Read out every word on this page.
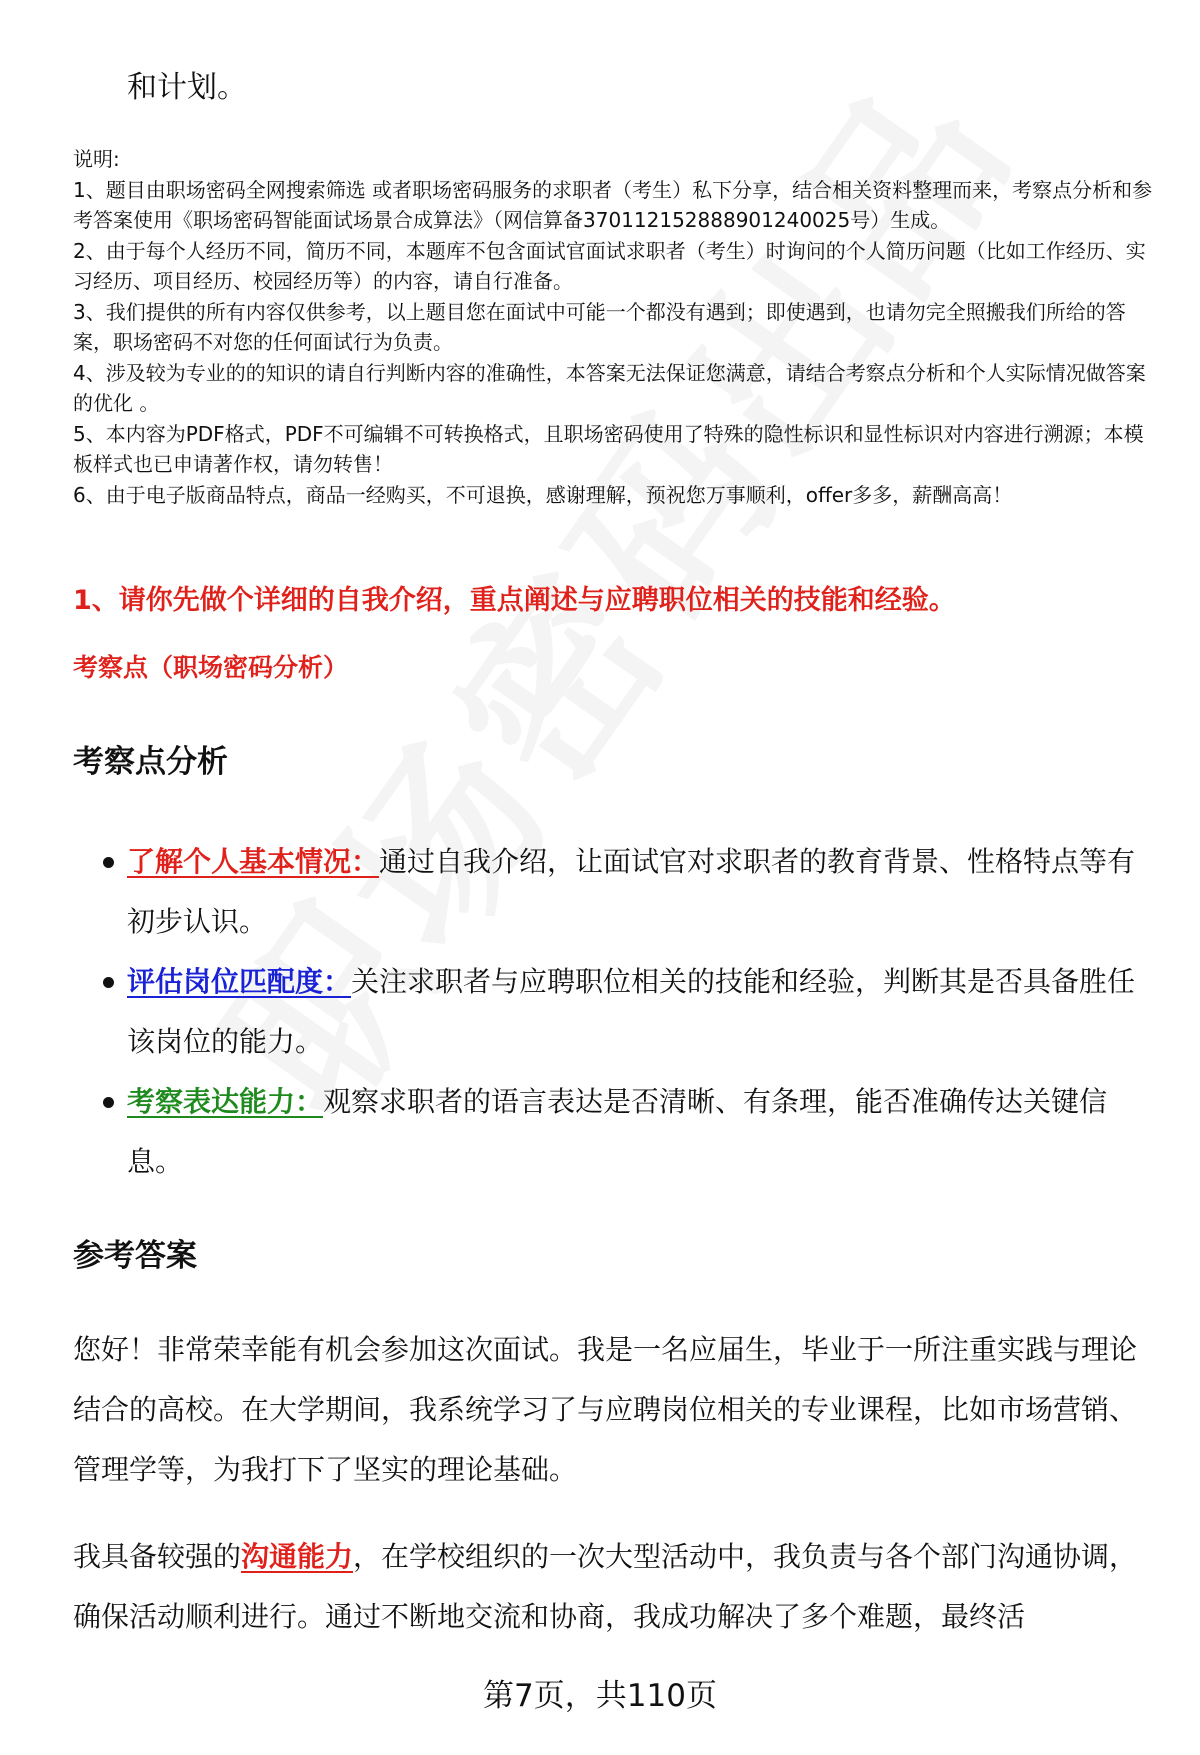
和计划。
说明:
1、题目由职场密码全网搜索筛选 或者职场密码服务的求职者（考生）私下分享，结合相关资料整理而来，考察点分析和参考答案使用《职场密码智能面试场景合成算法》（网信算备370112152888901240025号）生成。
2、由于每个人经历不同，简历不同，本题库不包含面试官面试求职者（考生）时询问的个人简历问题（比如工作经历、实习经历、项目经历、校园经历等）的内容，请自行准备。
3、我们提供的所有内容仅供参考，以上题目您在面试中可能一个都没有遇到；即使遇到，也请勿完全照搬我们所给的答案，职场密码不对您的任何面试行为负责。
4、涉及较为专业的的知识的请自行判断内容的准确性，本答案无法保证您满意，请结合考察点分析和个人实际情况做答案的优化 。
5、本内容为PDF格式，PDF不可编辑不可转换格式，且职场密码使用了特殊的隐性标识和显性标识对内容进行溯源；本模板样式也已申请著作权，请勿转售！
6、由于电子版商品特点，商品一经购买，不可退换，感谢理解，预祝您万事顺利，offer多多，薪酬高高！
1、请你先做个详细的自我介绍，重点阐述与应聘职位相关的技能和经验。
考察点（职场密码分析）
考察点分析
了解个人基本情况：通过自我介绍，让面试官对求职者的教育背景、性格特点等有初步认识。
评估岗位匹配度：关注求职者与应聘职位相关的技能和经验，判断其是否具备胜任该岗位的能力。
考察表达能力：观察求职者的语言表达是否清晰、有条理，能否准确传达关键信息。
参考答案
您好！非常荣幸能有机会参加这次面试。我是一名应届生，毕业于一所注重实践与理论结合的高校。在大学期间，我系统学习了与应聘岗位相关的专业课程，比如市场营销、管理学等，为我打下了坚实的理论基础。
我具备较强的沟通能力，在学校组织的一次大型活动中，我负责与各个部门沟通协调，确保活动顺利进行。通过不断地交流和协商，我成功解决了多个难题，最终活
第7页，共110页
